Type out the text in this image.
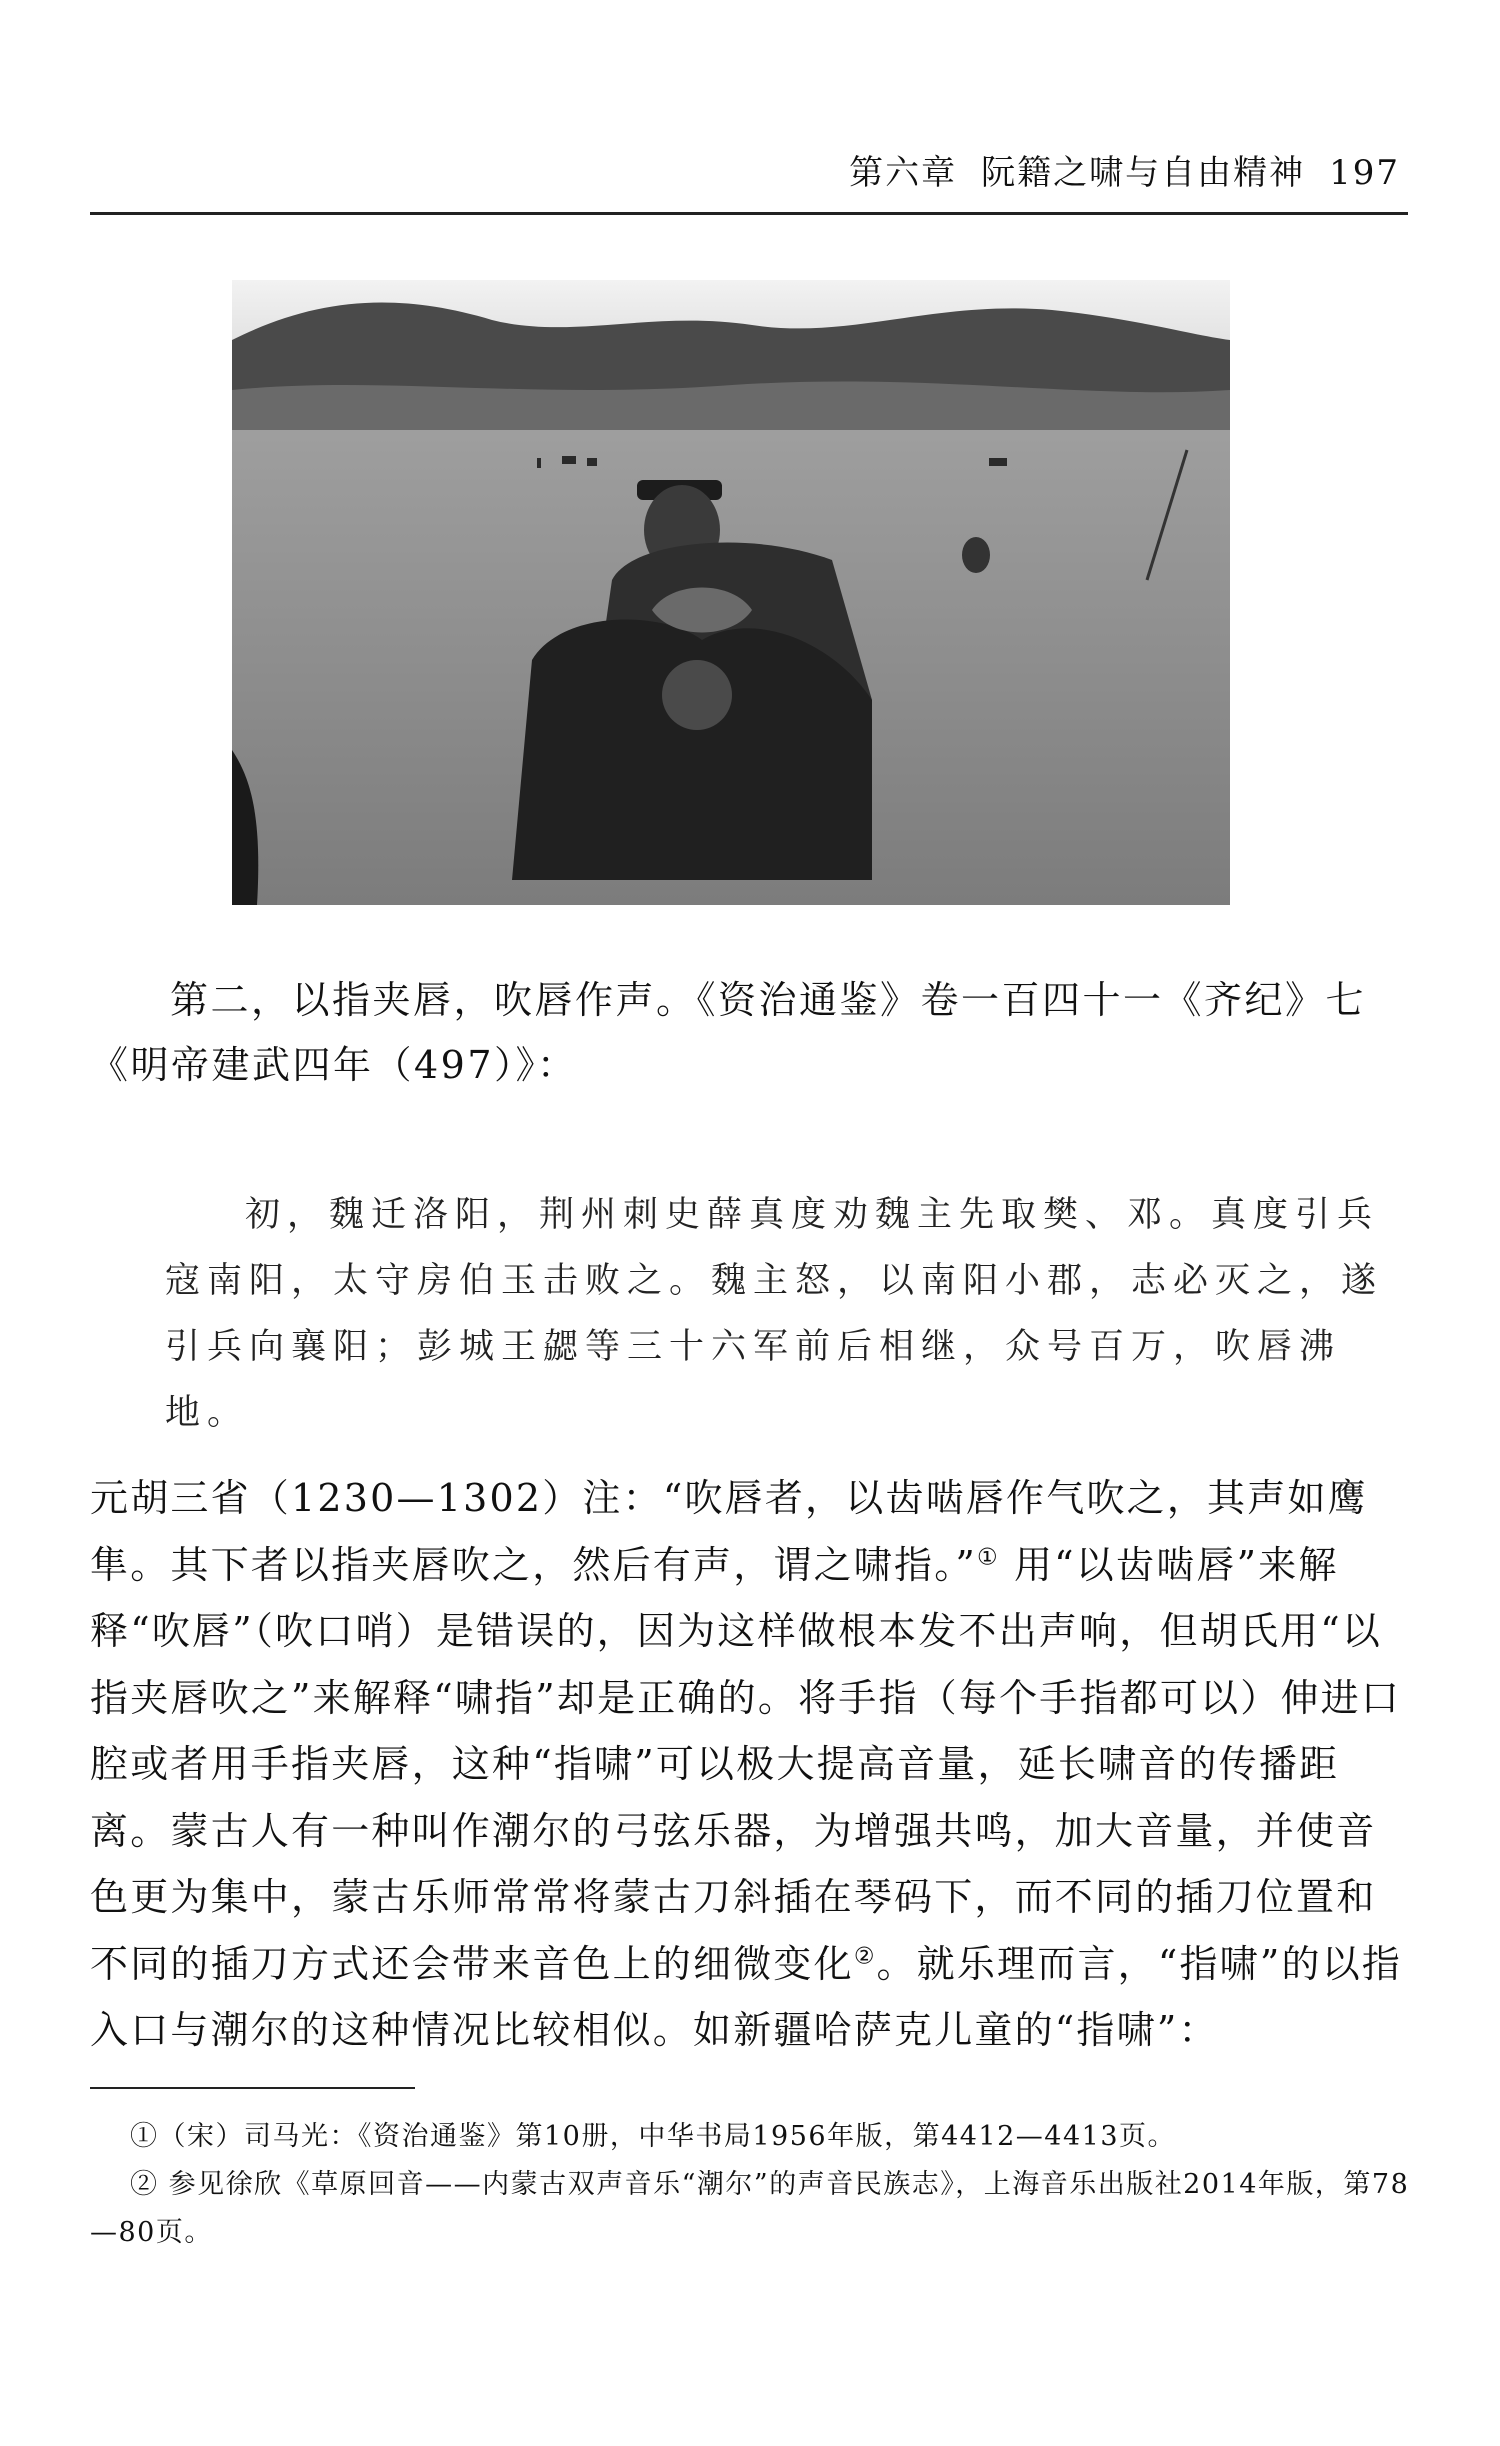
第六章 阮籍之啸与自由精神 197
第二，以指夹唇，吹唇作声。《资治通鉴》卷一百四十一《齐纪》七《明帝建武四年（497）》：
初，魏迁洛阳，荆州刺史薛真度劝魏主先取樊、邓。真度引兵寇南阳，太守房伯玉击败之。魏主怒，以南阳小郡，志必灭之，遂引兵向襄阳；彭城王勰等三十六军前后相继，众号百万，吹唇沸地。
元胡三省（1230—1302）注：“吹唇者，以齿啮唇作气吹之，其声如鹰隼。其下者以指夹唇吹之，然后有声，谓之啸指。”① 用“以齿啮唇”来解释“吹唇”（吹口哨）是错误的，因为这样做根本发不出声响，但胡氏用“以指夹唇吹之”来解释“啸指”却是正确的。将手指（每个手指都可以）伸进口腔或者用手指夹唇，这种“指啸”可以极大提高音量，延长啸音的传播距离。蒙古人有一种叫作潮尔的弓弦乐器，为增强共鸣，加大音量，并使音色更为集中，蒙古乐师常常将蒙古刀斜插在琴码下，而不同的插刀位置和不同的插刀方式还会带来音色上的细微变化②。就乐理而言，“指啸”的以指入口与潮尔的这种情况比较相似。如新疆哈萨克儿童的“指啸”：
①（宋）司马光：《资治通鉴》第10册，中华书局1956年版，第4412—4413页。
② 参见徐欣《草原回音——内蒙古双声音乐“潮尔”的声音民族志》，上海音乐出版社2014年版，第78—80页。
